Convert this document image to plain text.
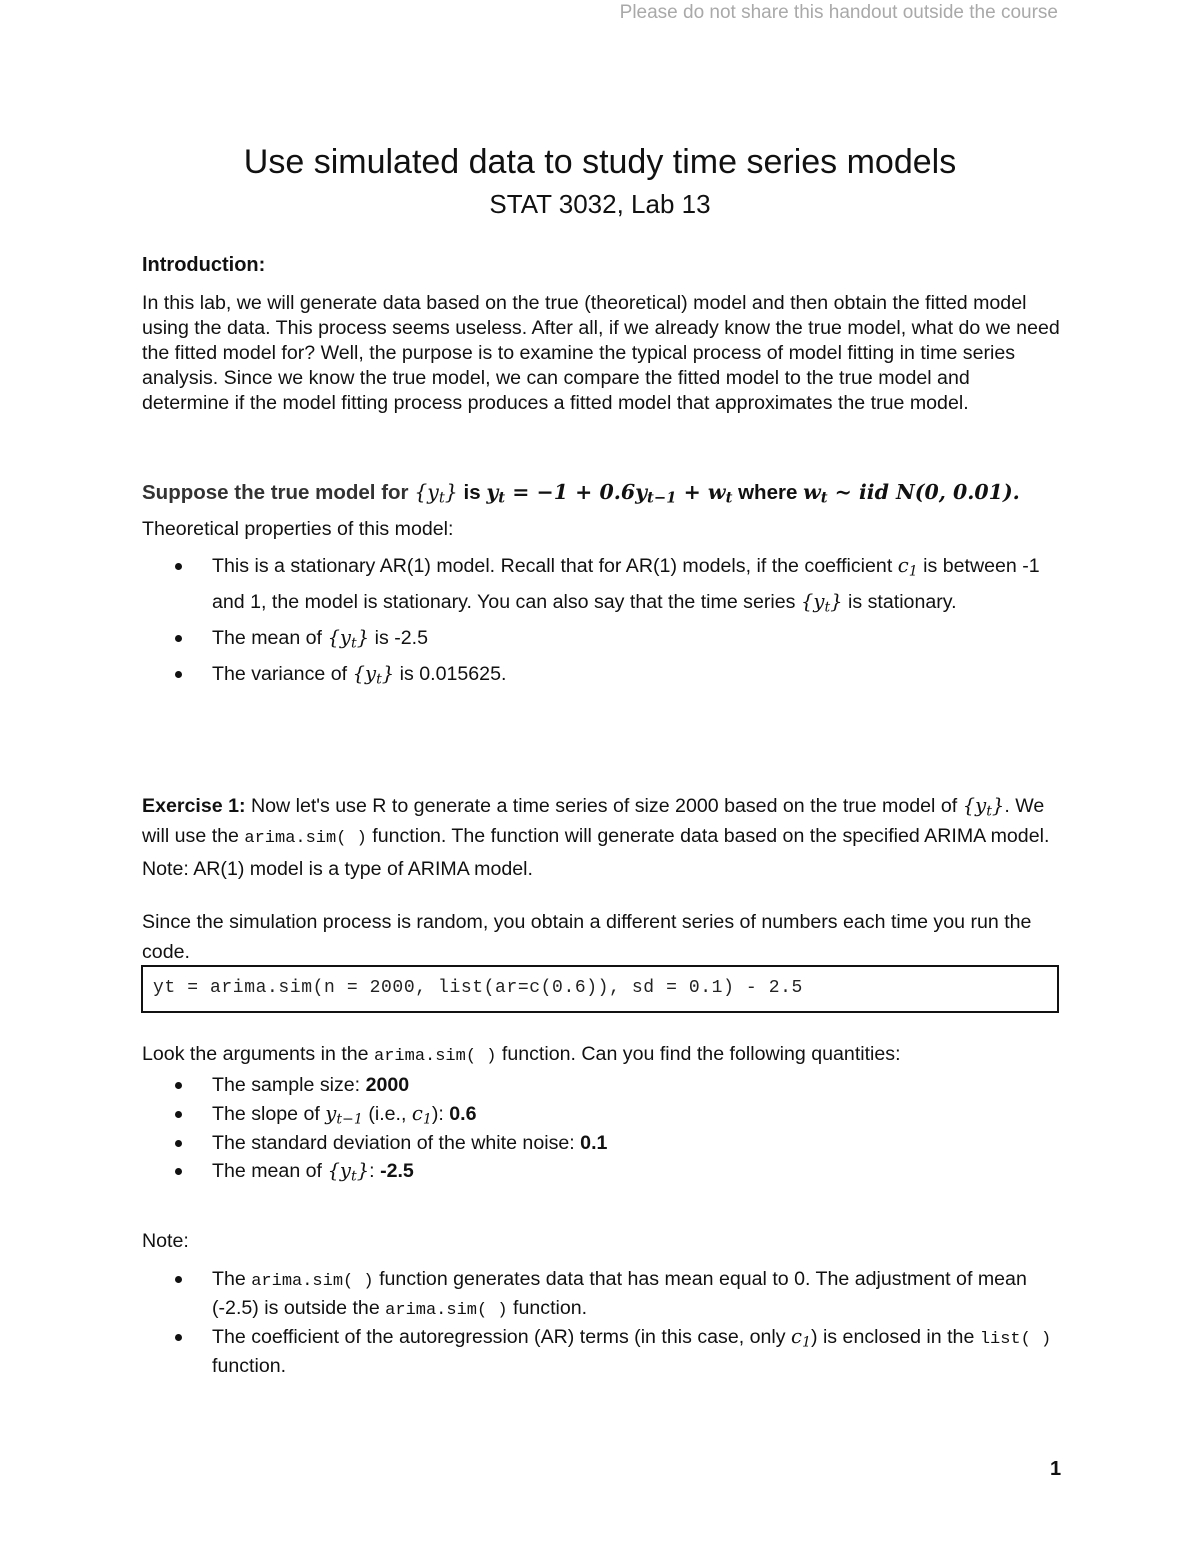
Please do not share this handout outside the course
Use simulated data to study time series models
STAT 3032, Lab 13
Introduction:
In this lab, we will generate data based on the true (theoretical) model and then obtain the fitted model using the data. This process seems useless. After all, if we already know the true model, what do we need the fitted model for? Well, the purpose is to examine the typical process of model fitting in time series analysis. Since we know the true model, we can compare the fitted model to the true model and determine if the model fitting process produces a fitted model that approximates the true model.
Suppose the true model for $\{y_t\}$ is $y_t = -1 + 0.6y_{t-1} + w_t$ where $w_t$ ~ iid N(0, 0.01).
Theoretical properties of this model:
This is a stationary AR(1) model. Recall that for AR(1) models, if the coefficient $c_1$ is between -1 and 1, the model is stationary. You can also say that the time series $\{y_t\}$ is stationary.
The mean of $\{y_t\}$ is -2.5
The variance of $\{y_t\}$ is 0.015625.
Exercise 1: Now let's use R to generate a time series of size 2000 based on the true model of $\{y_t\}$. We will use the arima.sim( ) function. The function will generate data based on the specified ARIMA model. Note: AR(1) model is a type of ARIMA model.
Since the simulation process is random, you obtain a different series of numbers each time you run the code.
yt = arima.sim(n = 2000, list(ar=c(0.6)), sd = 0.1) - 2.5
Look the arguments in the arima.sim( ) function. Can you find the following quantities:
The sample size: 2000
The slope of $y_{t-1}$ (i.e., $c_1$): 0.6
The standard deviation of the white noise: 0.1
The mean of $\{y_t\}$: -2.5
Note:
The arima.sim( ) function generates data that has mean equal to 0. The adjustment of mean (-2.5) is outside the arima.sim( ) function.
The coefficient of the autoregression (AR) terms (in this case, only $c_1$) is enclosed in the list( ) function.
1
